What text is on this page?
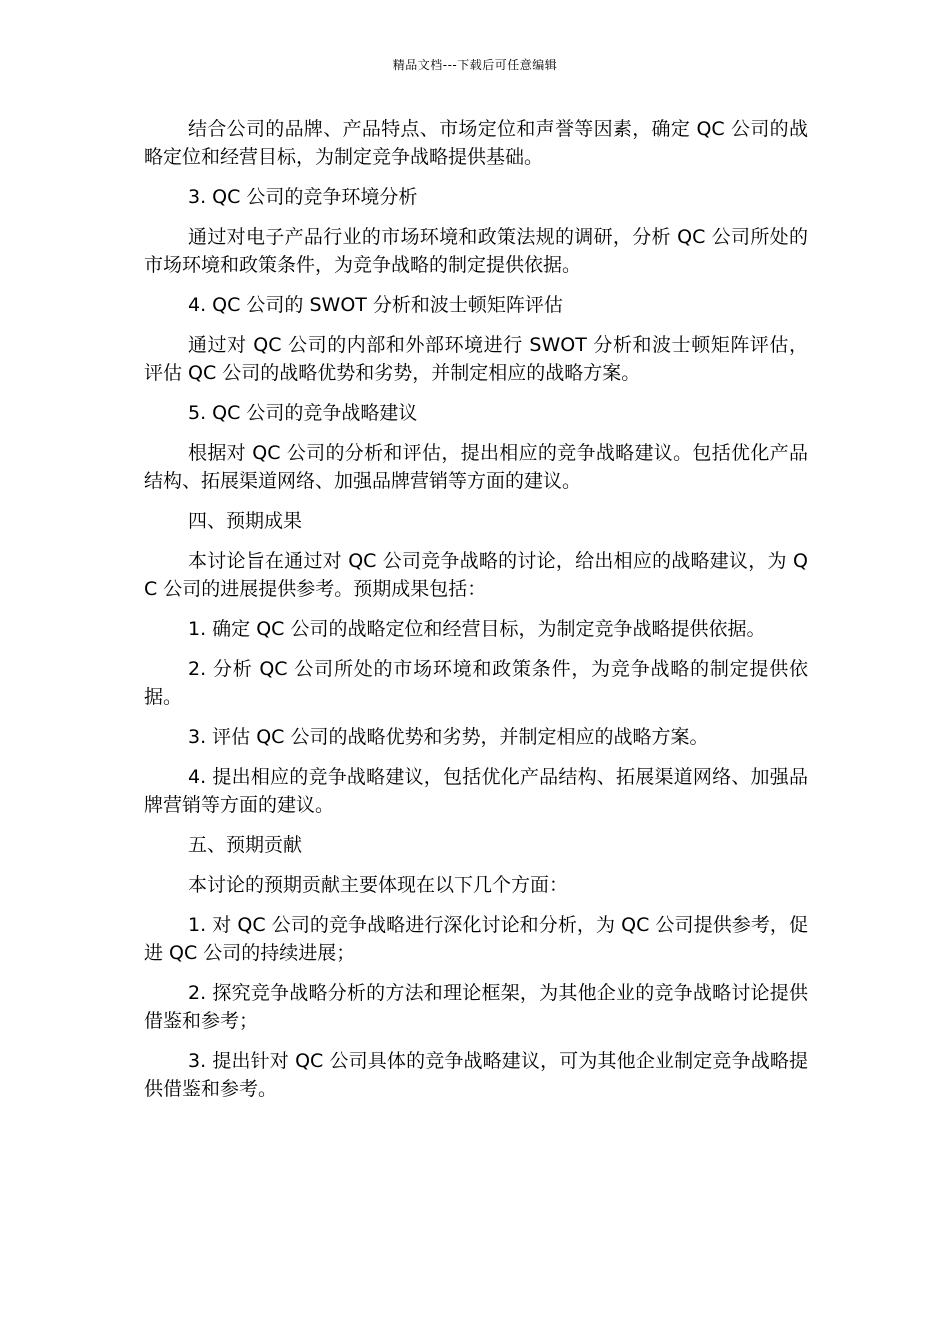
精品文档---下载后可任意编辑

结合公司的品牌、产品特点、市场定位和声誉等因素，确定 QC 公司的战略定位和经营目标，为制定竞争战略提供基础。

3. QC 公司的竞争环境分析

通过对电子产品行业的市场环境和政策法规的调研，分析 QC 公司所处的市场环境和政策条件，为竞争战略的制定提供依据。

4. QC 公司的 SWOT 分析和波士顿矩阵评估

通过对 QC 公司的内部和外部环境进行 SWOT 分析和波士顿矩阵评估，评估 QC 公司的战略优势和劣势，并制定相应的战略方案。

5. QC 公司的竞争战略建议

根据对 QC 公司的分析和评估，提出相应的竞争战略建议。包括优化产品结构、拓展渠道网络、加强品牌营销等方面的建议。

四、预期成果

本讨论旨在通过对 QC 公司竞争战略的讨论，给出相应的战略建议，为 QC 公司的进展提供参考。预期成果包括：

1. 确定 QC 公司的战略定位和经营目标，为制定竞争战略提供依据。

2. 分析 QC 公司所处的市场环境和政策条件，为竞争战略的制定提供依据。

3. 评估 QC 公司的战略优势和劣势，并制定相应的战略方案。

4. 提出相应的竞争战略建议，包括优化产品结构、拓展渠道网络、加强品牌营销等方面的建议。

五、预期贡献

本讨论的预期贡献主要体现在以下几个方面：

1. 对 QC 公司的竞争战略进行深化讨论和分析，为 QC 公司提供参考，促进 QC 公司的持续进展；

2. 探究竞争战略分析的方法和理论框架，为其他企业的竞争战略讨论提供借鉴和参考；

3. 提出针对 QC 公司具体的竞争战略建议，可为其他企业制定竞争战略提供借鉴和参考。
